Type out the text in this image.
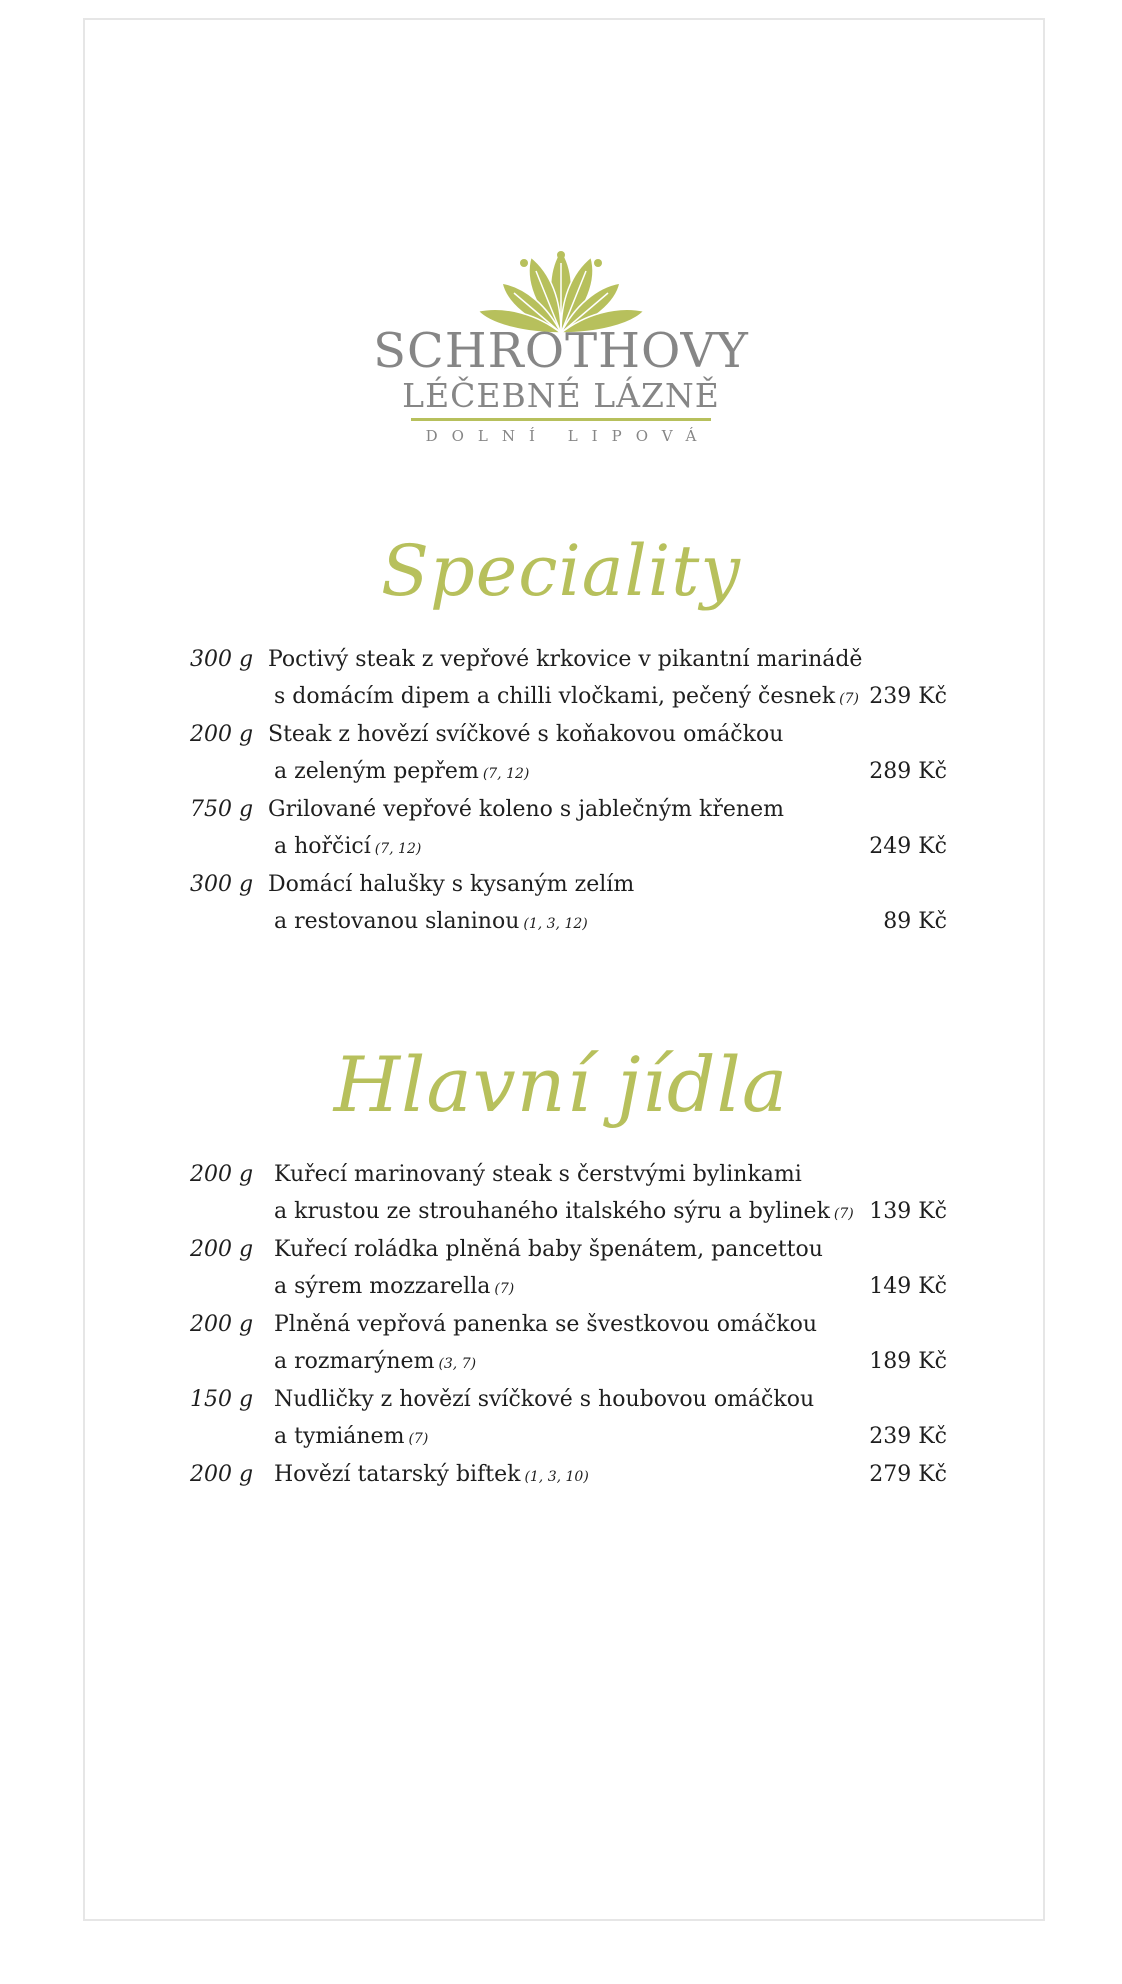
SCHROTHOVY
LÉČEBNÉ LÁZNĚ
DOLNÍ LIPOVÁ
Speciality
300 g Poctivý steak z vepřové krkovice v pikantní marinádě
s domácím dipem a chilli vločkami, pečený česnek (7) 239 Kč
200 g Steak z hovězí svíčkové s koňakovou omáčkou
a zeleným pepřem (7, 12)	289 Kč
750 g Grilované vepřové koleno s jablečným křenem
a hořčicí (7, 12)	249 Kč
300 g Domácí halušky s kysaným zelím
a restovanou slaninou (1, 3, 12)	89 Kč
Hlavní jídla
200 g Kuřecí marinovaný steak s čerstvými bylinkami
a krustou ze strouhaného italského sýru a bylinek (7) 139 Kč
200 g Kuřecí roládka plněná baby špenátem, pancettou
a sýrem mozzarella (7)	149 Kč
200 g Plněná vepřová panenka se švestkovou omáčkou
a rozmarýnem (3, 7)	189 Kč
150 g Nudličky z hovězí svíčkové s houbovou omáčkou
a tymiánem (7)	239 Kč
200 g Hovězí tatarský biftek (1, 3, 10)	279 Kč
